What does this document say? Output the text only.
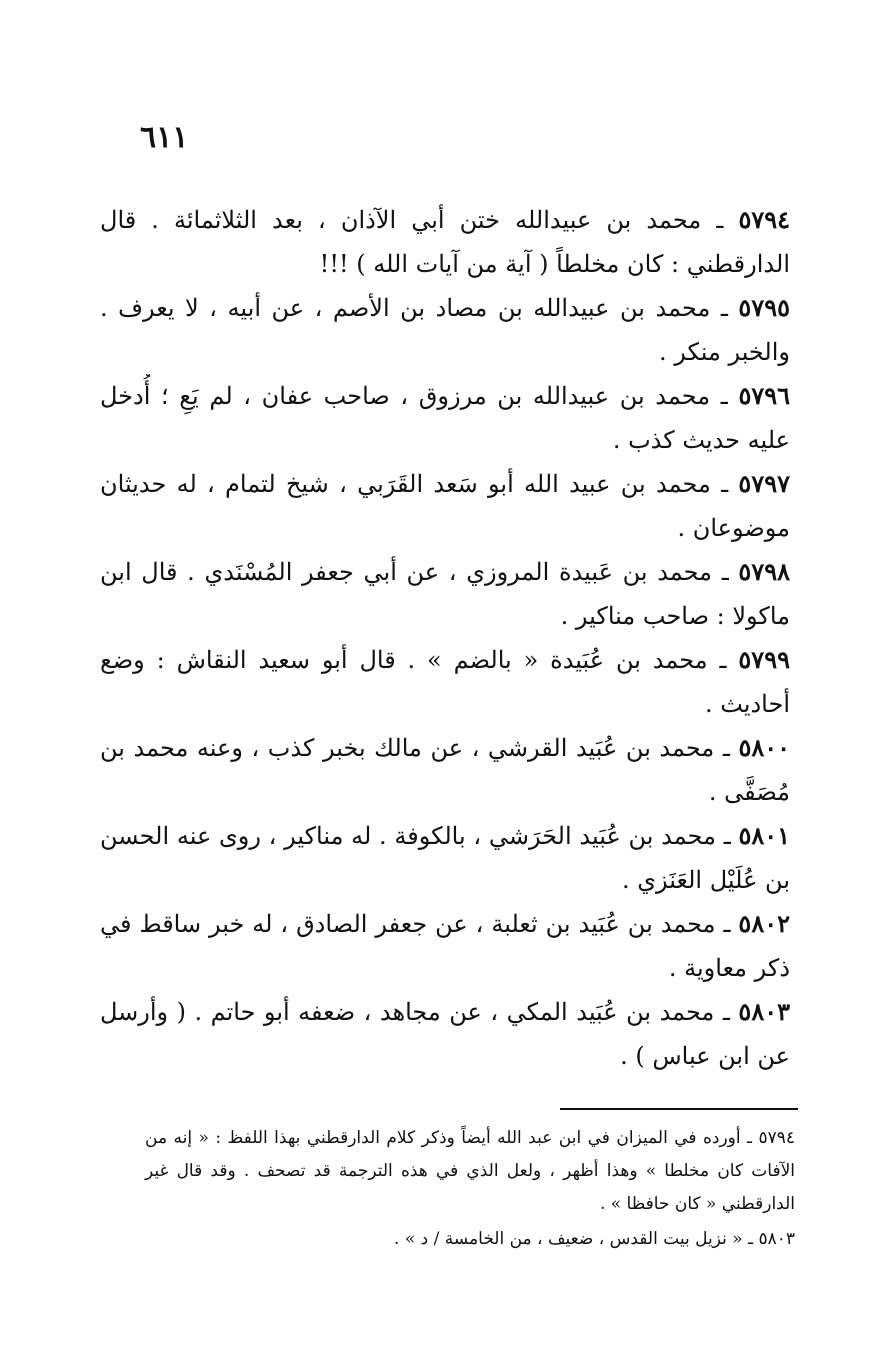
٦١١
٥٧٩٤ ـ محمد بن عبيدالله ختن أبي الآذان ، بعد الثلاثمائة . قال الدارقطني : كان مخلطاً ( آية من آيات الله ) !!!
٥٧٩٥ ـ محمد بن عبيدالله بن مصاد بن الأصم ، عن أبيه ، لا يعرف . والخبر منكر .
٥٧٩٦ ـ محمد بن عبيدالله بن مرزوق ، صاحب عفان ، لم يَعِ ؛ أُدخل عليه حديث كذب .
٥٧٩٧ ـ محمد بن عبيد الله أبو سَعد القَرَبي ، شيخ لتمام ، له حديثان موضوعان .
٥٧٩٨ ـ محمد بن عَبيدة المروزي ، عن أبي جعفر المُسْنَدي . قال ابن ماكولا : صاحب مناكير .
٥٧٩٩ ـ محمد بن عُبَيدة « بالضم » . قال أبو سعيد النقاش : وضع أحاديث .
٥٨٠٠ ـ محمد بن عُبَيد القرشي ، عن مالك بخبر كذب ، وعنه محمد بن مُصَفَّى .
٥٨٠١ ـ محمد بن عُبَيد الحَرَشي ، بالكوفة . له مناكير ، روى عنه الحسن بن عُلَيْل العَنَزي .
٥٨٠٢ ـ محمد بن عُبَيد بن ثعلبة ، عن جعفر الصادق ، له خبر ساقط في ذكر معاوية .
٥٨٠٣ ـ محمد بن عُبَيد المكي ، عن مجاهد ، ضعفه أبو حاتم . ( وأرسل عن ابن عباس ) .

٥٧٩٤ ـ أورده في الميزان في ابن عبد الله أيضاً وذكر كلام الدارقطني بهذا اللفظ : « إنه من الآفات كان مخلطا » وهذا أظهر ، ولعل الذي في هذه الترجمة قد تصحف . وقد قال غير الدارقطني « كان حافظا » .

٥٨٠٣ ـ « نزيل بيت القدس ، ضعيف ، من الخامسة / د » .
